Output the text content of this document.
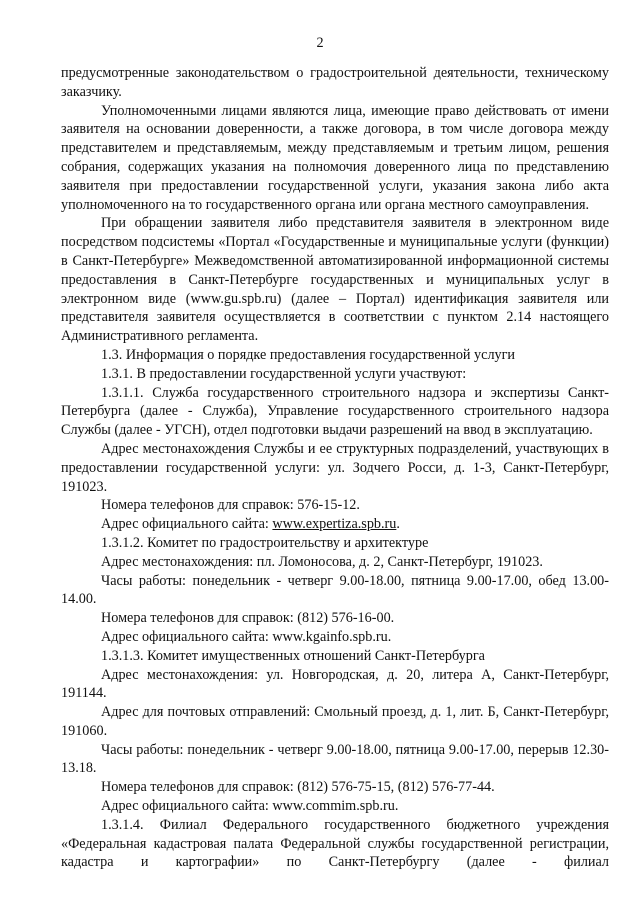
2

предусмотренные законодательством о градостроительной деятельности, техническому заказчику.

Уполномоченными лицами являются лица, имеющие право действовать от имени заявителя на основании доверенности, а также договора, в том числе договора между представителем и представляемым, между представляемым и третьим лицом, решения собрания, содержащих указания на полномочия доверенного лица по представлению заявителя при предоставлении государственной услуги, указания закона либо акта уполномоченного на то государственного органа или органа местного самоуправления.

При обращении заявителя либо представителя заявителя в электронном виде посредством подсистемы «Портал «Государственные и муниципальные услуги (функции) в Санкт-Петербурге» Межведомственной автоматизированной информационной системы предоставления в Санкт-Петербурге государственных и муниципальных услуг в электронном виде (www.gu.spb.ru) (далее – Портал) идентификация заявителя или представителя заявителя осуществляется в соответствии с пунктом 2.14 настоящего Административного регламента.

1.3. Информация о порядке предоставления государственной услуги

1.3.1. В предоставлении государственной услуги участвуют:

1.3.1.1. Служба государственного строительного надзора и экспертизы Санкт-Петербурга (далее - Служба), Управление государственного строительного надзора Службы (далее - УГСН), отдел подготовки выдачи разрешений на ввод в эксплуатацию.

Адрес местонахождения Службы и ее структурных подразделений, участвующих в предоставлении государственной услуги: ул. Зодчего Росси, д. 1-3, Санкт-Петербург, 191023.

Номера телефонов для справок: 576-15-12.

Адрес официального сайта: www.expertiza.spb.ru.

1.3.1.2. Комитет по градостроительству и архитектуре

Адрес местонахождения: пл. Ломоносова, д. 2, Санкт-Петербург, 191023.

Часы работы: понедельник - четверг 9.00-18.00, пятница 9.00-17.00, обед 13.00-14.00.

Номера телефонов для справок: (812) 576-16-00.

Адрес официального сайта: www.kgainfo.spb.ru.

1.3.1.3. Комитет имущественных отношений Санкт-Петербурга

Адрес местонахождения: ул. Новгородская, д. 20, литера А, Санкт-Петербург, 191144.

Адрес для почтовых отправлений: Смольный проезд, д. 1, лит. Б, Санкт-Петербург, 191060.

Часы работы: понедельник - четверг 9.00-18.00, пятница 9.00-17.00, перерыв 12.30-13.18.

Номера телефонов для справок: (812) 576-75-15, (812) 576-77-44.

Адрес официального сайта: www.commim.spb.ru.

1.3.1.4. Филиал Федерального государственного бюджетного учреждения «Федеральная кадастровая палата Федеральной службы государственной регистрации, кадастра и картографии» по Санкт-Петербургу (далее - филиал
